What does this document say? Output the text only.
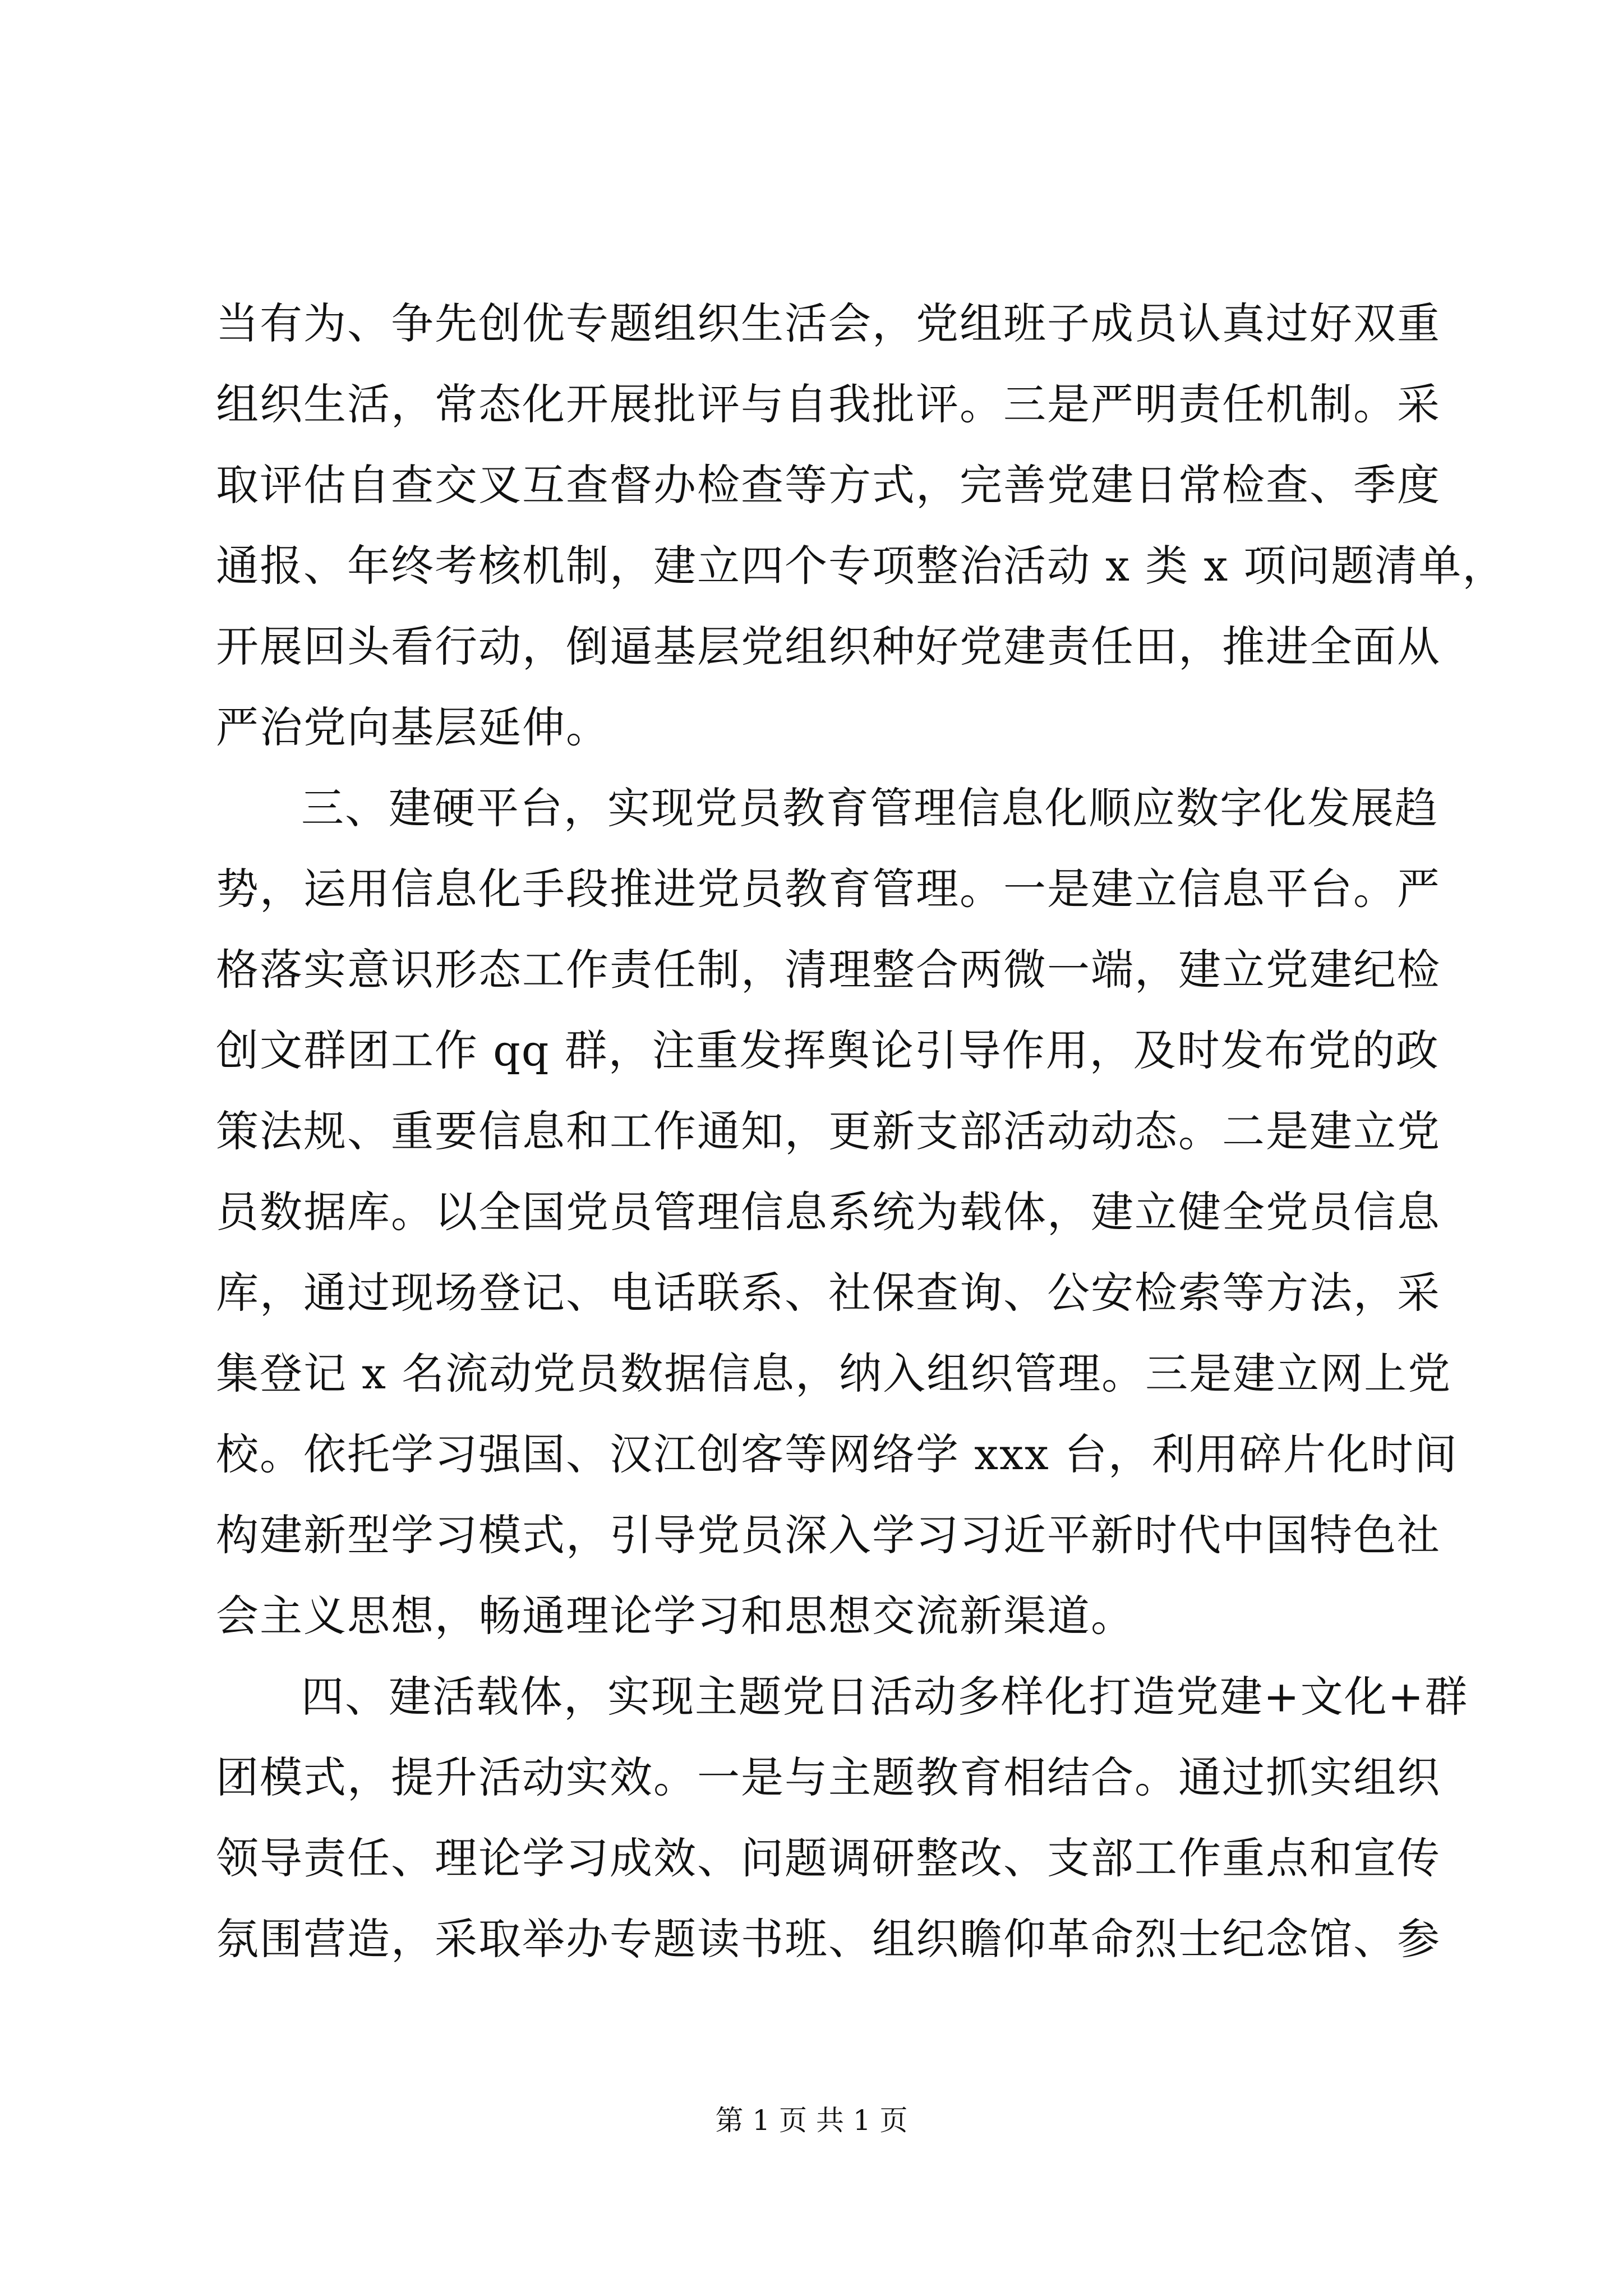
当有为、争先创优专题组织生活会，党组班子成员认真过好双重
组织生活，常态化开展批评与自我批评。三是严明责任机制。采
取评估自查交叉互查督办检查等方式，完善党建日常检查、季度
通报、年终考核机制，建立四个专项整治活动 x 类 x 项问题清单，
开展回头看行动，倒逼基层党组织种好党建责任田，推进全面从
严治党向基层延伸。
三、建硬平台，实现党员教育管理信息化顺应数字化发展趋
势，运用信息化手段推进党员教育管理。一是建立信息平台。严
格落实意识形态工作责任制，清理整合两微一端，建立党建纪检
创文群团工作 qq 群，注重发挥舆论引导作用，及时发布党的政
策法规、重要信息和工作通知，更新支部活动动态。二是建立党
员数据库。以全国党员管理信息系统为载体，建立健全党员信息
库，通过现场登记、电话联系、社保查询、公安检索等方法，采
集登记 x 名流动党员数据信息，纳入组织管理。三是建立网上党
校。依托学习强国、汉江创客等网络学 xxx 台，利用碎片化时间
构建新型学习模式，引导党员深入学习习近平新时代中国特色社
会主义思想，畅通理论学习和思想交流新渠道。
四、建活载体，实现主题党日活动多样化打造党建+文化+群
团模式，提升活动实效。一是与主题教育相结合。通过抓实组织
领导责任、理论学习成效、问题调研整改、支部工作重点和宣传
氛围营造，采取举办专题读书班、组织瞻仰革命烈士纪念馆、参
第 1 页 共 1 页
